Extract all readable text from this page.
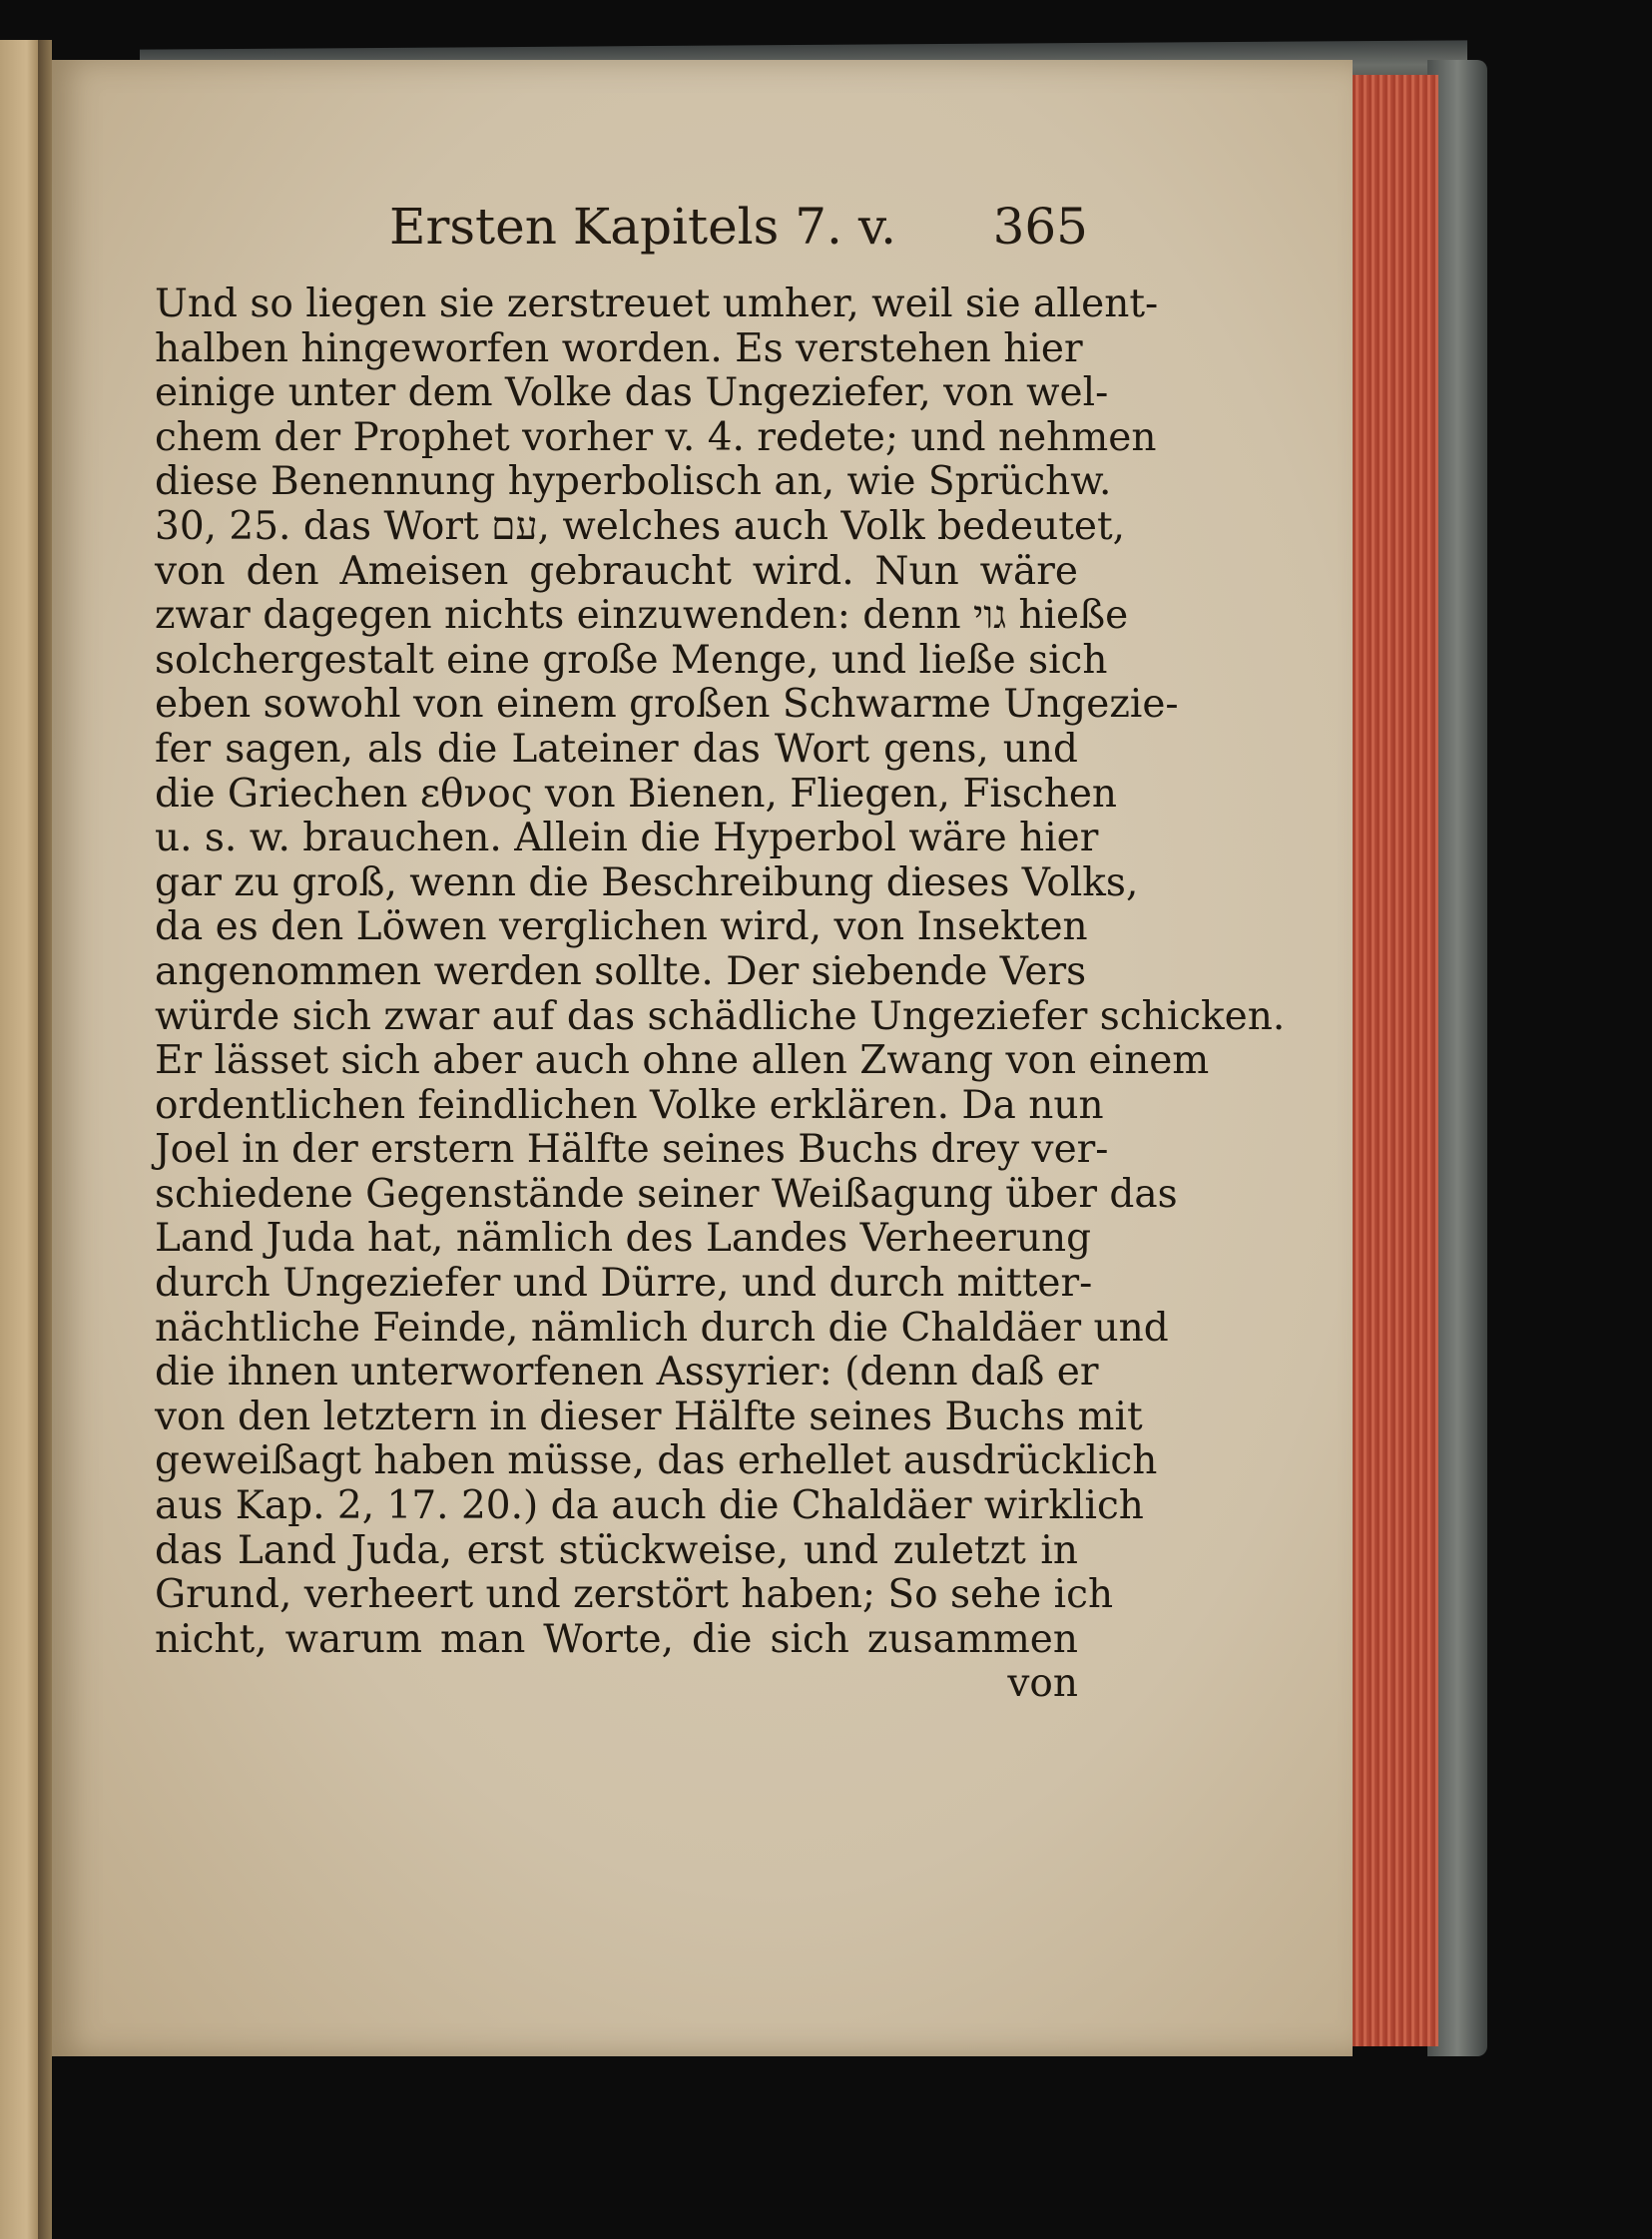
Ersten Kapitels 7. v. 365
Und so liegen sie zerstreuet umher, weil sie allent-
halben hingeworfen worden. Es verstehen hier
einige unter dem Volke das Ungeziefer, von wel-
chem der Prophet vorher v. 4. redete; und nehmen
diese Benennung hyperbolisch an, wie Sprüchw.
30, 25. das Wort עם, welches auch Volk bedeutet,
von den Ameisen gebraucht wird. Nun wäre
zwar dagegen nichts einzuwenden: denn גוי hieße
solchergestalt eine große Menge, und ließe sich
eben sowohl von einem großen Schwarme Ungezie-
fer sagen, als die Lateiner das Wort gens, und
die Griechen εθνος von Bienen, Fliegen, Fischen
u. s. w. brauchen. Allein die Hyperbol wäre hier
gar zu groß, wenn die Beschreibung dieses Volks,
da es den Löwen verglichen wird, von Insekten
angenommen werden sollte. Der siebende Vers
würde sich zwar auf das schädliche Ungeziefer schicken.
Er lässet sich aber auch ohne allen Zwang von einem
ordentlichen feindlichen Volke erklären. Da nun
Joel in der erstern Hälfte seines Buchs drey ver-
schiedene Gegenstände seiner Weißagung über das
Land Juda hat, nämlich des Landes Verheerung
durch Ungeziefer und Dürre, und durch mitter-
nächtliche Feinde, nämlich durch die Chaldäer und
die ihnen unterworfenen Assyrier: (denn daß er
von den letztern in dieser Hälfte seines Buchs mit
geweißagt haben müsse, das erhellet ausdrücklich
aus Kap. 2, 17. 20.) da auch die Chaldäer wirklich
das Land Juda, erst stückweise, und zuletzt in
Grund, verheert und zerstört haben; So sehe ich
nicht, warum man Worte, die sich zusammen
von
